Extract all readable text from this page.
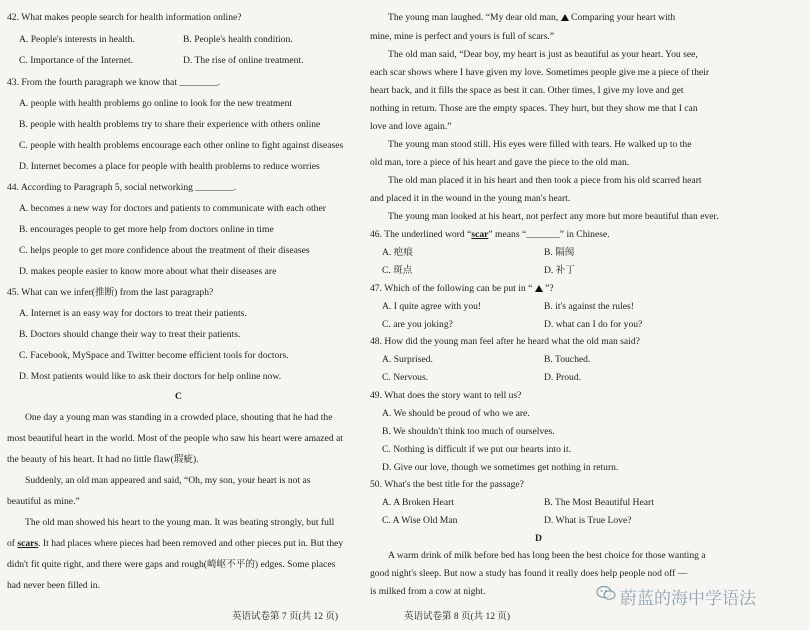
42. What makes people search for health information online?
A. People's interests in health.	B. People's health condition.
C. Importance of the Internet.	D. The rise of online treatment.
43. From the fourth paragraph we know that ________.
A. people with health problems go online to look for the new treatment
B. people with health problems try to share their experience with others online
C. people with health problems encourage each other online to fight against diseases
D. Internet becomes a place for people with health problems to reduce worries
44. According to Paragraph 5, social networking ________.
A. becomes a new way for doctors and patients to communicate with each other
B. encourages people to get more help from doctors online in time
C. helps people to get more confidence about the treatment of their diseases
D. makes people easier to know more about what their diseases are
45. What can we infer(推断) from the last paragraph?
A. Internet is an easy way for doctors to treat their patients.
B. Doctors should change their way to treat their patients.
C. Facebook, MySpace and Twitter become efficient tools for doctors.
D. Most patients would like to ask their doctors for help online now.
C
One day a young man was standing in a crowded place, shouting that he had the
most beautiful heart in the world. Most of the people who saw his heart were amazed at
the beauty of his heart. It had no little flaw(瑕疵).
Suddenly, an old man appeared and said, “Oh, my son, your heart is not as
beautiful as mine.”
The old man showed his heart to the young man. It was beating strongly, but full
of scars. It had places where pieces had been removed and other pieces put in. But they
didn't fit quite right, and there were gaps and rough(崎岖不平的) edges. Some places
had never been filled in.
The young man laughed. “My dear old man,  Comparing your heart with
mine, mine is perfect and yours is full of scars.”
The old man said, “Dear boy, my heart is just as beautiful as your heart. You see,
each scar shows where I have given my love. Sometimes people give me a piece of their
heart back, and it fills the space as best it can. Other times, I give my love and get
nothing in return. Those are the empty spaces. They hurt, but they show me that I can
love and love again.”
The young man stood still. His eyes were filled with tears. He walked up to the
old man, tore a piece of his heart and gave the piece to the old man.
The old man placed it in his heart and then took a piece from his old scarred heart
and placed it in the wound in the young man's heart.
The young man looked at his heart, not perfect any more but more beautiful than ever.
46. The underlined word “scar” means “_______” in Chinese.
A. 疤痕	B. 隔阂
C. 斑点	D. 补丁
47. Which of the following can be put in “  ”?
A. I quite agree with you!	B. it's against the rules!
C. are you joking?	D. what can I do for you?
48. How did the young man feel after he heard what the old man said?
A. Surprised.	B. Touched.
C. Nervous.	D. Proud.
49. What does the story want to tell us?
A. We should be proud of who we are.
B. We shouldn't think too much of ourselves.
C. Nothing is difficult if we put our hearts into it.
D. Give our love, though we sometimes get nothing in return.
50. What's the best title for the passage?
A. A Broken Heart	B. The Most Beautiful Heart
C. A Wise Old Man	D. What is True Love?
D
A warm drink of milk before bed has long been the best choice for those wanting a
good night's sleep. But now a study has found it really does help people nod off —
is milked from a cow at night.
英语试卷第 7 页(共 12 页)	英语试卷第 8 页(共 12 页)
蔚蓝的海中学语法
